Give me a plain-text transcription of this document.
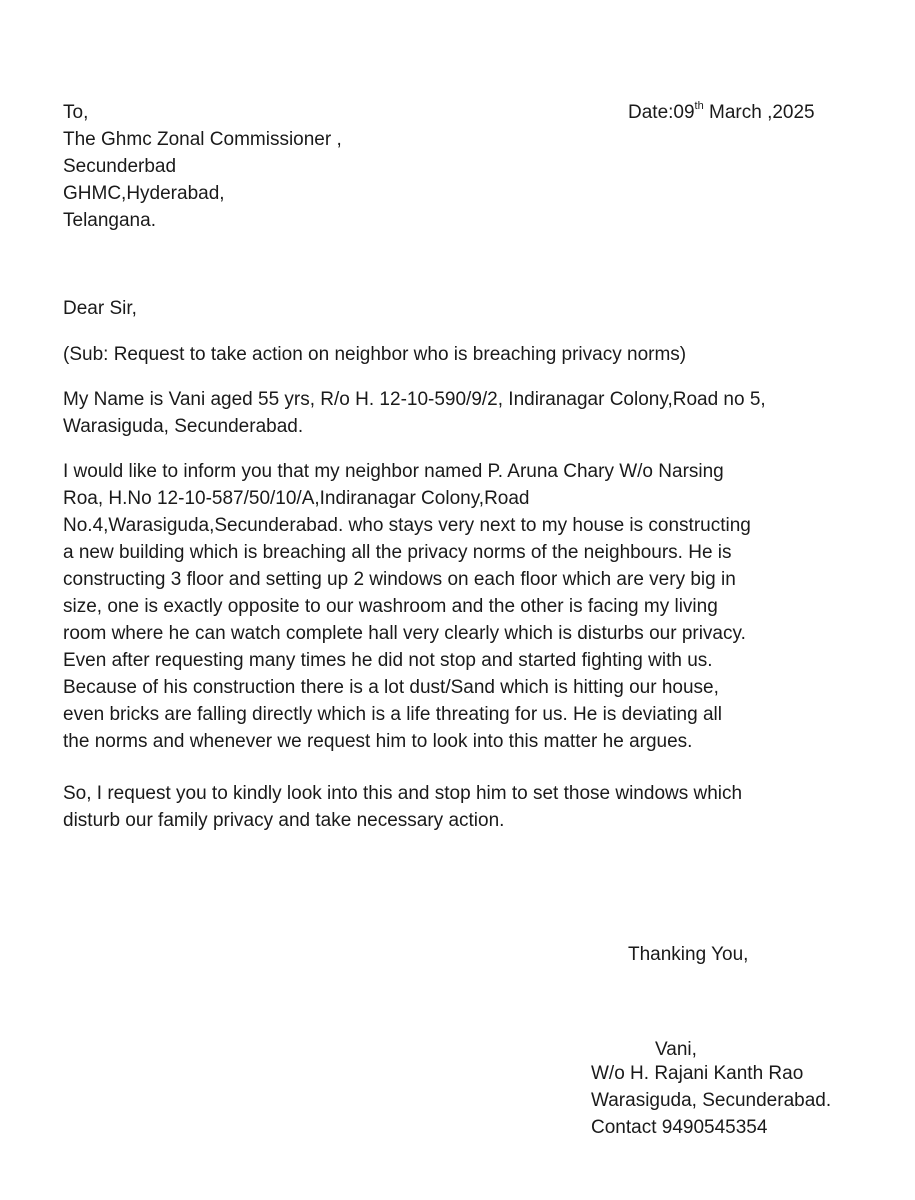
Date:09th March ,2025
To,
The Ghmc Zonal Commissioner ,
Secunderbad
GHMC,Hyderabad,
Telangana.
Dear Sir,
(Sub: Request to take action on neighbor who is breaching privacy norms)
My Name is Vani aged 55 yrs, R/o H. 12-10-590/9/2, Indiranagar Colony,Road no 5,
Warasiguda, Secunderabad.
I would like to inform you that my neighbor named P. Aruna Chary W/o Narsing
Roa, H.No 12-10-587/50/10/A,Indiranagar Colony,Road
No.4,Warasiguda,Secunderabad. who stays very next to my house is constructing
a new building which is breaching all the privacy norms of the neighbours. He is
constructing 3 floor and setting up 2 windows on each floor which are very big in
size, one is exactly opposite to our washroom and the other is facing my living
room where he can watch complete hall very clearly which is disturbs our privacy.
Even after requesting many times he did not stop and started fighting with us.
Because of his construction there is a lot dust/Sand which is hitting our house,
even bricks are falling directly which is a life threating for us. He is deviating all
the norms and whenever we request him to look into this matter he argues.
So, I request you to kindly look into this and stop him to set those windows which
disturb our family privacy and take necessary action.
Thanking You,
Vani,
W/o H. Rajani Kanth Rao
Warasiguda, Secunderabad.
Contact 9490545354
